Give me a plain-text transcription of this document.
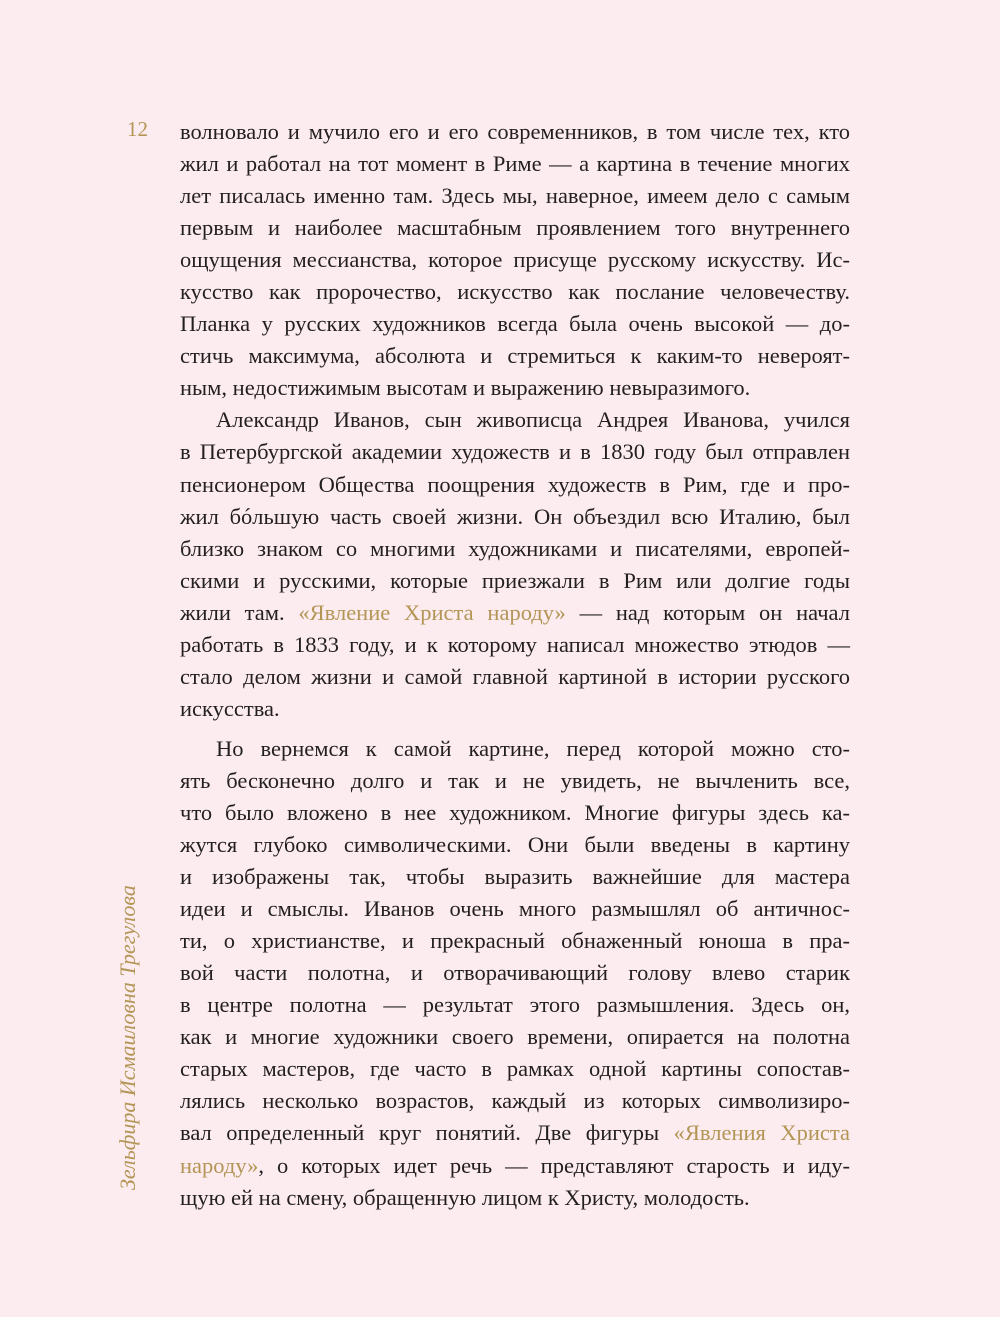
12
Зельфира Исмаиловна Трегулова
волновало и мучило его и его современников, в том числе тех, кто
жил и работал на тот момент в Риме — а картина в течение многих
лет писалась именно там. Здесь мы, наверное, имеем дело с самым
первым и наиболее масштабным проявлением того внутреннего
ощущения мессианства, которое присуще русскому искусству. Ис-
кусство как пророчество, искусство как послание человечеству.
Планка у русских художников всегда была очень высокой — до-
стичь максимума, абсолюта и стремиться к каким-то невероят-
ным, недостижимым высотам и выражению невыразимого.
Александр Иванов, сын живописца Андрея Иванова, учился
в Петербургской академии художеств и в 1830 году был отправлен
пенсионером Общества поощрения художеств в Рим, где и про-
жил бóльшую часть своей жизни. Он объездил всю Италию, был
близко знаком со многими художниками и писателями, европей-
скими и русскими, которые приезжали в Рим или долгие годы
жили там. «Явление Христа народу» — над которым он начал
работать в 1833 году, и к которому написал множество этюдов —
стало делом жизни и самой главной картиной в истории русского
искусства.
Но вернемся к самой картине, перед которой можно сто-
ять бесконечно долго и так и не увидеть, не вычленить все,
что было вложено в нее художником. Многие фигуры здесь ка-
жутся глубоко символическими. Они были введены в картину
и изображены так, чтобы выразить важнейшие для мастера
идеи и смыслы. Иванов очень много размышлял об античнос-
ти, о христианстве, и прекрасный обнаженный юноша в пра-
вой части полотна, и отворачивающий голову влево старик
в центре полотна — результат этого размышления. Здесь он,
как и многие художники своего времени, опирается на полотна
старых мастеров, где часто в рамках одной картины сопостав-
лялись несколько возрастов, каждый из которых символизиро-
вал определенный круг понятий. Две фигуры «Явления Христа
народу», о которых идет речь — представляют старость и иду-
щую ей на смену, обращенную лицом к Христу, молодость.
